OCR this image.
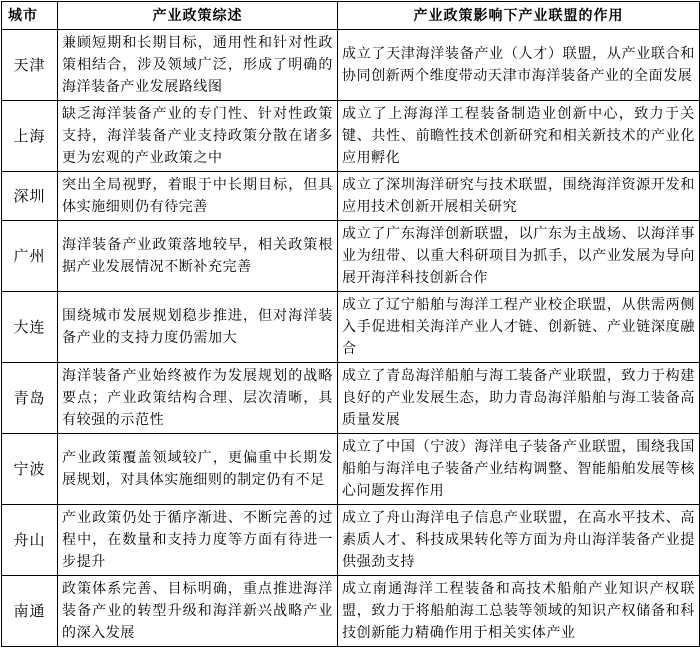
城市	产业政策综述	产业政策影响下产业联盟的作用
天津	兼顾短期和长期目标，通用性和针对性政策相结合，涉及领域广泛，形成了明确的海洋装备产业发展路线图	成立了天津海洋装备产业（人才）联盟，从产业联合和协同创新两个维度带动天津市海洋装备产业的全面发展
上海	缺乏海洋装备产业的专门性、针对性政策支持，海洋装备产业支持政策分散在诸多更为宏观的产业政策之中	成立了上海海洋工程装备制造业创新中心，致力于关键、共性、前瞻性技术创新研究和相关新技术的产业化应用孵化
深圳	突出全局视野，着眼于中长期目标，但具体实施细则仍有待完善	成立了深圳海洋研究与技术联盟，围绕海洋资源开发和应用技术创新开展相关研究
广州	海洋装备产业政策落地较早，相关政策根据产业发展情况不断补充完善	成立了广东海洋创新联盟，以广东为主战场、以海洋事业为纽带、以重大科研项目为抓手，以产业发展为导向展开海洋科技创新合作
大连	围绕城市发展规划稳步推进，但对海洋装备产业的支持力度仍需加大	成立了辽宁船舶与海洋工程产业校企联盟，从供需两侧入手促进相关海洋产业人才链、创新链、产业链深度融合
青岛	海洋装备产业始终被作为发展规划的战略要点；产业政策结构合理、层次清晰，具有较强的示范性	成立了青岛海洋船舶与海工装备产业联盟，致力于构建良好的产业发展生态，助力青岛海洋船舶与海工装备高质量发展
宁波	产业政策覆盖领域较广，更偏重中长期发展规划，对具体实施细则的制定仍有不足	成立了中国（宁波）海洋电子装备产业联盟，围绕我国船舶与海洋电子装备产业结构调整、智能船舶发展等核心问题发挥作用
舟山	产业政策仍处于循序渐进、不断完善的过程中，在数量和支持力度等方面有待进一步提升	成立了舟山海洋电子信息产业联盟，在高水平技术、高素质人才、科技成果转化等方面为舟山海洋装备产业提供强劲支持
南通	政策体系完善、目标明确，重点推进海洋装备产业的转型升级和海洋新兴战略产业的深入发展	成立南通海洋工程装备和高技术船舶产业知识产权联盟，致力于将船舶海工总装等领域的知识产权储备和科技创新能力精确作用于相关实体产业
